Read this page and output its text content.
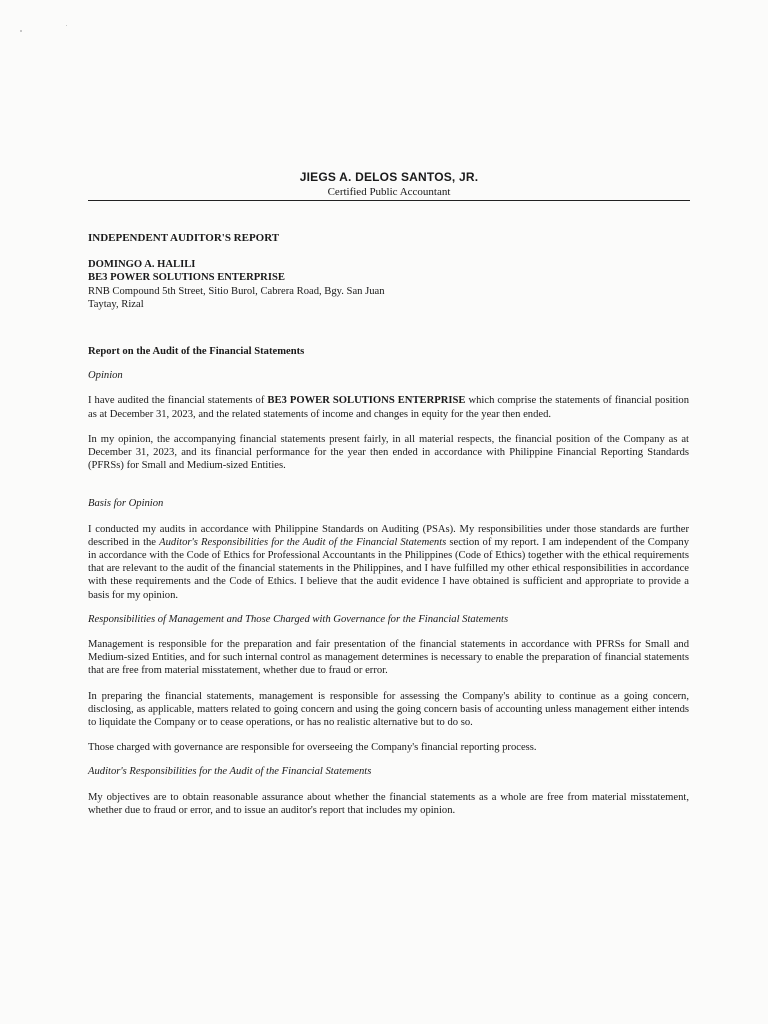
JIEGS A. DELOS SANTOS, JR.
Certified Public Accountant
INDEPENDENT AUDITOR'S REPORT
DOMINGO A. HALILI
BE3 POWER SOLUTIONS ENTERPRISE
RNB Compound 5th Street, Sitio Burol, Cabrera Road, Bgy. San Juan
Taytay, Rizal
Report on the Audit of the Financial Statements
Opinion

I have audited the financial statements of BE3 POWER SOLUTIONS ENTERPRISE which comprise the statements of financial position as at December 31, 2023, and the related statements of income and changes in equity for the year then ended.

In my opinion, the accompanying financial statements present fairly, in all material respects, the financial position of the Company as at December 31, 2023, and its financial performance for the year then ended in accordance with Philippine Financial Reporting Standards (PFRSs) for Small and Medium-sized Entities.

Basis for Opinion

I conducted my audits in accordance with Philippine Standards on Auditing (PSAs). My responsibilities under those standards are further described in the Auditor's Responsibilities for the Audit of the Financial Statements section of my report. I am independent of the Company in accordance with the Code of Ethics for Professional Accountants in the Philippines (Code of Ethics) together with the ethical requirements that are relevant to the audit of the financial statements in the Philippines, and I have fulfilled my other ethical responsibilities in accordance with these requirements and the Code of Ethics. I believe that the audit evidence I have obtained is sufficient and appropriate to provide a basis for my opinion.

Responsibilities of Management and Those Charged with Governance for the Financial Statements

Management is responsible for the preparation and fair presentation of the financial statements in accordance with PFRSs for Small and Medium-sized Entities, and for such internal control as management determines is necessary to enable the preparation of financial statements that are free from material misstatement, whether due to fraud or error.

In preparing the financial statements, management is responsible for assessing the Company's ability to continue as a going concern, disclosing, as applicable, matters related to going concern and using the going concern basis of accounting unless management either intends to liquidate the Company or to cease operations, or has no realistic alternative but to do so.

Those charged with governance are responsible for overseeing the Company's financial reporting process.

Auditor's Responsibilities for the Audit of the Financial Statements

My objectives are to obtain reasonable assurance about whether the financial statements as a whole are free from material misstatement, whether due to fraud or error, and to issue an auditor's report that includes my opinion.
